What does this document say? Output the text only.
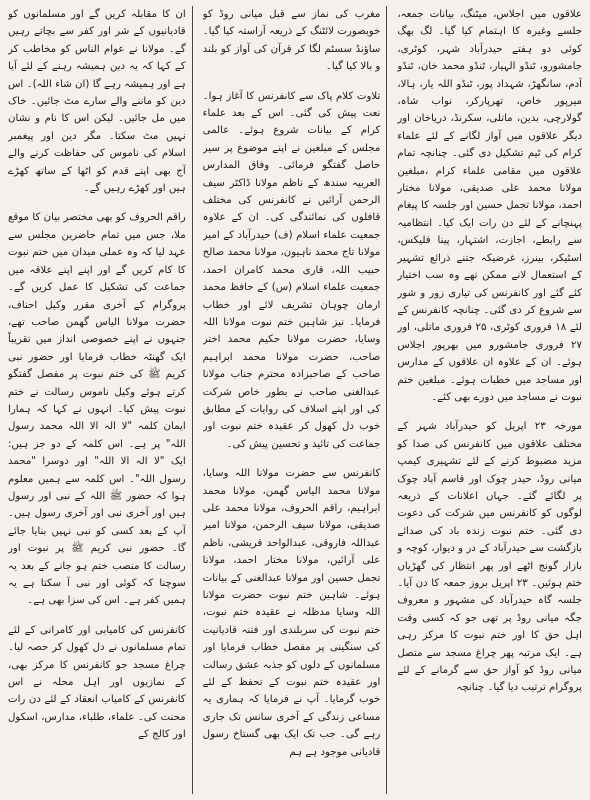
علاقوں میں اجلاس، میٹنگ، بیانات جمعہ، جلسے وغیرہ کا اہتمام کیا گیا۔ لگ بھگ کوئی دو ہفتے حیدرآباد شہر، کوٹری، جامشورو، ٹنڈو الہیار، ٹنڈو محمد خان، ٹنڈو آدم، سانگھڑ، شہداد پور، ٹنڈو اللہ یار، ہالا، میرپور خاص، تھرپارکر، نواب شاہ، گولارچی، بدین، ماتلی، سکرنڈ، دریاخان اور دیگر علاقوں میں آواز لگانے کے لئے علماء کرام کی ٹیم تشکیل دی گئی۔ چنانچہ تمام علاقوں میں مقامی علماء کرام ،مبلغین مولانا محمد علی صدیقی، مولانا مختار احمد، مولانا تجمل حسین اور جلسہ کا پیغام پہنچانے کے لئے دن رات ایک کیا۔ انتظامیہ سے رابطے، اجازت، اشتہار، پینا فلیکس، اسٹیکر، بینرز، غرضیکہ جتنے ذرائع تشہیر کے استعمال لانے ممکن تھے وہ سب اختیار کئے گئے اور کانفرنس کی تیاری زور و شور سے شروع کر دی گئی۔ چنانچہ کانفرنس کے لئے ۱۸ فروری کوٹری، ۲۵ فروری ماتلی، اور ۲۷ فروری جامشورو میں بھرپور اجلاس ہوئے۔ ان کے علاوہ ان علاقوں کے مدارس اور مساجد میں خطبات ہوئے۔ مبلغین ختم نبوت نے مساجد میں دورے بھی کئے۔

مورخہ ۲۳ اپریل کو حیدرآباد شہر کے مختلف علاقوں میں کانفرنس کی صدا کو مزید مضبوط کرنے کے لئے تشہیری کیمپ میانی روڈ، حیدر چوک اور قاسم آباد چوک پر لگائے گئے۔ جہاں اعلانات کے ذریعہ لوگوں کو کانفرنس میں شرکت کی دعوت دی گئی۔ ختم نبوت زندہ باد کی صدائے بازگشت سے حیدرآباد کے در و دیوار، کوچہ و بازار گونج اٹھے اور پھر انتظار کی گھڑیاں ختم ہوئیں۔ ۲۳ اپریل بروز جمعہ کا دن آیا۔ جلسہ گاہ حیدرآباد کی مشہور و معروف جگہ میانی روڈ پر تھی جو کہ کسی وقت اہل حق کا اور ختم نبوت کا مرکز رہی ہے۔ ایک مرتبہ پھر چراغ مسجد سے متصل میانی روڈ کو آواز حق سے گرمانے کے لئے پروگرام ترتیب دیا گیا۔ چنانچہ

مغرب کی نماز سے قبل میانی روڈ کو خوبصورت لائٹنگ کے ذریعہ آراستہ کیا گیا۔ ساؤنڈ سسٹم لگا کر قرآن کی آواز کو بلند و بالا کیا گیا۔

تلاوت کلام پاک سے کانفرنس کا آغاز ہوا۔ نعت پیش کی گئی۔ اس کے بعد علماء کرام کے بیانات شروع ہوئے۔ عالمی مجلس کے مبلغین نے اپنے موضوع پر سیر حاصل گفتگو فرمائی۔ وفاق المدارس العربیہ سندھ کے ناظم مولانا ڈاکٹر سیف الرحمن آرائیں نے کانفرنس کی مختلف قافلوں کی نمائندگی کی۔ ان کے علاوہ جمعیت علماء اسلام (ف) حیدرآباد کے امیر مولانا تاج محمد ناہیون، مولانا محمد صالح حبیب اللہ، قاری محمد کامران احمد، جمعیت علماء اسلام (س) کے حافظ محمد ارمان چوہان تشریف لائے اور خطاب فرمایا۔ نیز شاہین ختم نبوت مولانا اللہ وسایا، حضرت مولانا حکیم محمد اختر صاحب، حضرت مولانا محمد ابراہیم صاحب کے صاحبزادہ محترم جناب مولانا عبدالغنی صاحب نے بطور خاص شرکت کی اور اپنے اسلاف کی روایات کے مطابق خوب دل کھول کر عقیدہ ختم نبوت اور جماعت کی تائید و تحسین پیش کی۔

کانفرنس سے حضرت مولانا اللہ وسایا، مولانا محمد الیاس گھمن، مولانا محمد ابراہیم، راقم الحروف، مولانا محمد علی صدیقی، مولانا سیف الرحمن، مولانا امیر عبداللہ فاروقی، عبدالواحد قریشی، ناظم علی آرائیں، مولانا مختار احمد، مولانا تجمل حسین اور مولانا عبدالغنی کے بیانات ہوئے۔ شاہین ختم نبوت حضرت مولانا اللہ وسایا مدظلہ نے عقیدہ ختم نبوت، ختم نبوت کی سربلندی اور فتنہ قادیانیت کی سنگینی پر مفصل خطاب فرمایا اور مسلمانوں کے دلوں کو جذبہ عشق رسالت اور عقیدہ ختم نبوت کے تحفظ کے لئے خوب گرمایا۔ آپ نے فرمایا کہ ہماری یہ مساعی زندگی کے آخری سانس تک جاری رہے گی۔ جب تک ایک بھی گستاخ رسول قادیانی موجود ہے ہم

ان کا مقابلہ کریں گے اور مسلمانوں کو قادیانیوں کے شر اور کفر سے بچاتے رہیں گے۔ مولانا نے عوام الناس کو مخاطب کر کے کہا کہ یہ دین ہمیشہ رہنے کے لئے آیا ہے اور ہمیشہ رہے گا (ان شاء اللہ)۔ اس دین کو ماننے والے سارے مٹ جائیں۔ خاک میں مل جائیں۔ لیکن اس کا نام و نشان نہیں مٹ سکتا۔ مگر دین اور پیغمبر اسلام کی ناموس کی حفاظت کرنے والے آج بھی اپنے قدم کو اٹھا کے ساتھ کھڑے ہیں اور کھڑے رہیں گے۔

راقم الحروف کو بھی مختصر بیان کا موقع ملا، جس میں تمام حاضرین مجلس سے عہد لیا کہ وہ عملی میدان میں ختم نبوت کا کام کریں گے اور اپنے اپنے علاقہ میں جماعت کی تشکیل کا عمل کریں گے۔ پروگرام کے آخری مقرر وکیل احناف، حضرت مولانا الیاس گھمن صاحب تھے، جنہوں نے اپنے خصوصی انداز میں تقریباً ایک گھنٹہ خطاب فرمایا اور حضور نبی کریم ﷺ کی ختم نبوت پر مفصل گفتگو کرتے ہوئے وکیل ناموس رسالت نے ختم نبوت پیش کیا۔ انہوں نے کہا کہ ہمارا ایمان کلمہ "لا الہ الا اللہ محمد رسول اللہ" پر ہے۔ اس کلمہ کے دو جز ہیں: ایک "لا الہ الا اللہ" اور دوسرا "محمد رسول اللہ"۔ اس کلمہ سے ہمیں معلوم ہوا کہ حضور ﷺ اللہ کے نبی اور رسول ہیں اور آخری نبی اور آخری رسول ہیں۔ آپ کے بعد کسی کو نبی نہیں بنایا جائے گا۔ حضور نبی کریم ﷺ پر نبوت اور رسالت کا منصب ختم ہو جانے کے بعد یہ سوچنا کہ کوئی اور نبی آ سکتا ہے یہ ہمیں کفر ہے۔ اس کی سزا بھی ہے۔

کانفرنس کی کامیابی اور کامرانی کے لئے تمام مسلمانوں نے دل کھول کر حصہ لیا۔ چراغ مسجد جو کانفرنس کا مرکز بھی، کے نمازیوں اور اہل محلہ نے اس کانفرنس کے کامیاب انعقاد کے لئے دن رات محنت کی۔ علماء، طلباء، مدارس، اسکول اور کالج کے
